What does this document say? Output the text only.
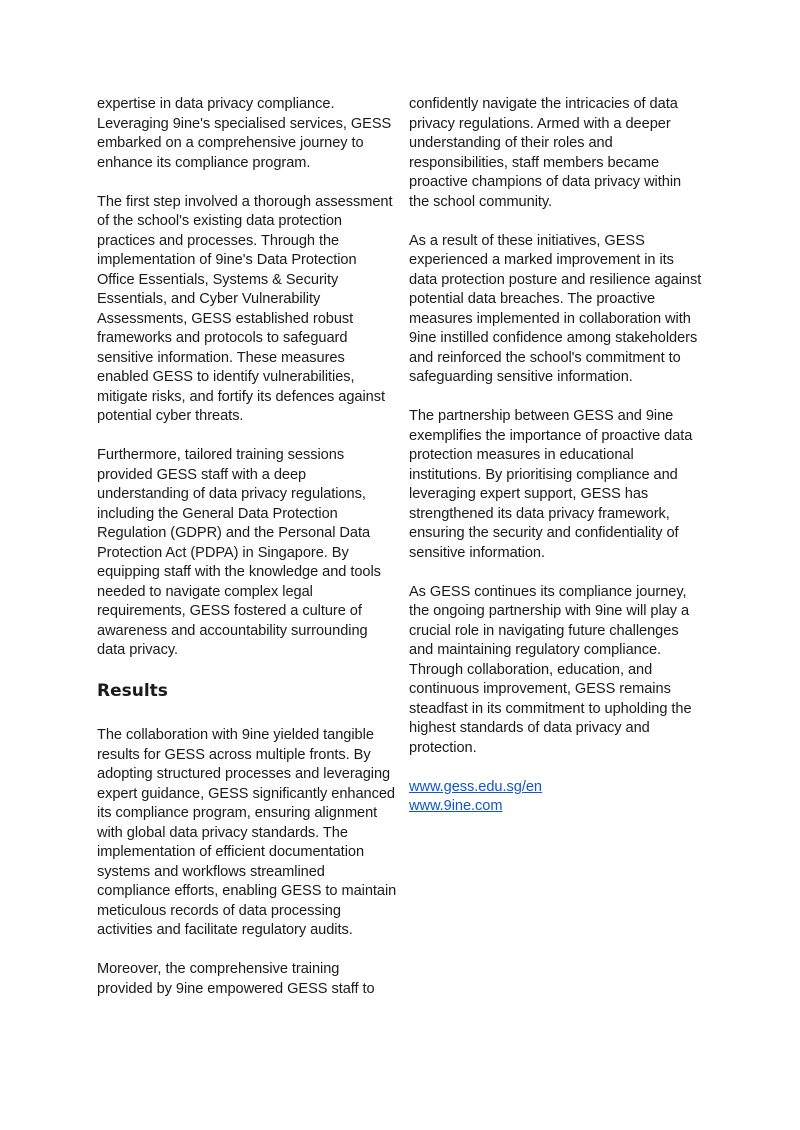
expertise in data privacy compliance. Leveraging 9ine's specialised services, GESS embarked on a comprehensive journey to enhance its compliance program.

The first step involved a thorough assessment of the school's existing data protection practices and processes. Through the implementation of 9ine's Data Protection Office Essentials, Systems & Security Essentials, and Cyber Vulnerability Assessments, GESS established robust frameworks and protocols to safeguard sensitive information. These measures enabled GESS to identify vulnerabilities, mitigate risks, and fortify its defences against potential cyber threats.

Furthermore, tailored training sessions provided GESS staff with a deep understanding of data privacy regulations, including the General Data Protection Regulation (GDPR) and the Personal Data Protection Act (PDPA) in Singapore. By equipping staff with the knowledge and tools needed to navigate complex legal requirements, GESS fostered a culture of awareness and accountability surrounding data privacy.

Results

The collaboration with 9ine yielded tangible results for GESS across multiple fronts. By adopting structured processes and leveraging expert guidance, GESS significantly enhanced its compliance program, ensuring alignment with global data privacy standards. The implementation of efficient documentation systems and workflows streamlined compliance efforts, enabling GESS to maintain meticulous records of data processing activities and facilitate regulatory audits.

Moreover, the comprehensive training provided by 9ine empowered GESS staff to

confidently navigate the intricacies of data privacy regulations. Armed with a deeper understanding of their roles and responsibilities, staff members became proactive champions of data privacy within the school community.

As a result of these initiatives, GESS experienced a marked improvement in its data protection posture and resilience against potential data breaches. The proactive measures implemented in collaboration with 9ine instilled confidence among stakeholders and reinforced the school's commitment to safeguarding sensitive information.

The partnership between GESS and 9ine exemplifies the importance of proactive data protection measures in educational institutions. By prioritising compliance and leveraging expert support, GESS has strengthened its data privacy framework, ensuring the security and confidentiality of sensitive information.

As GESS continues its compliance journey, the ongoing partnership with 9ine will play a crucial role in navigating future challenges and maintaining regulatory compliance. Through collaboration, education, and continuous improvement, GESS remains steadfast in its commitment to upholding the highest standards of data privacy and protection.

www.gess.edu.sg/en

www.9ine.com
